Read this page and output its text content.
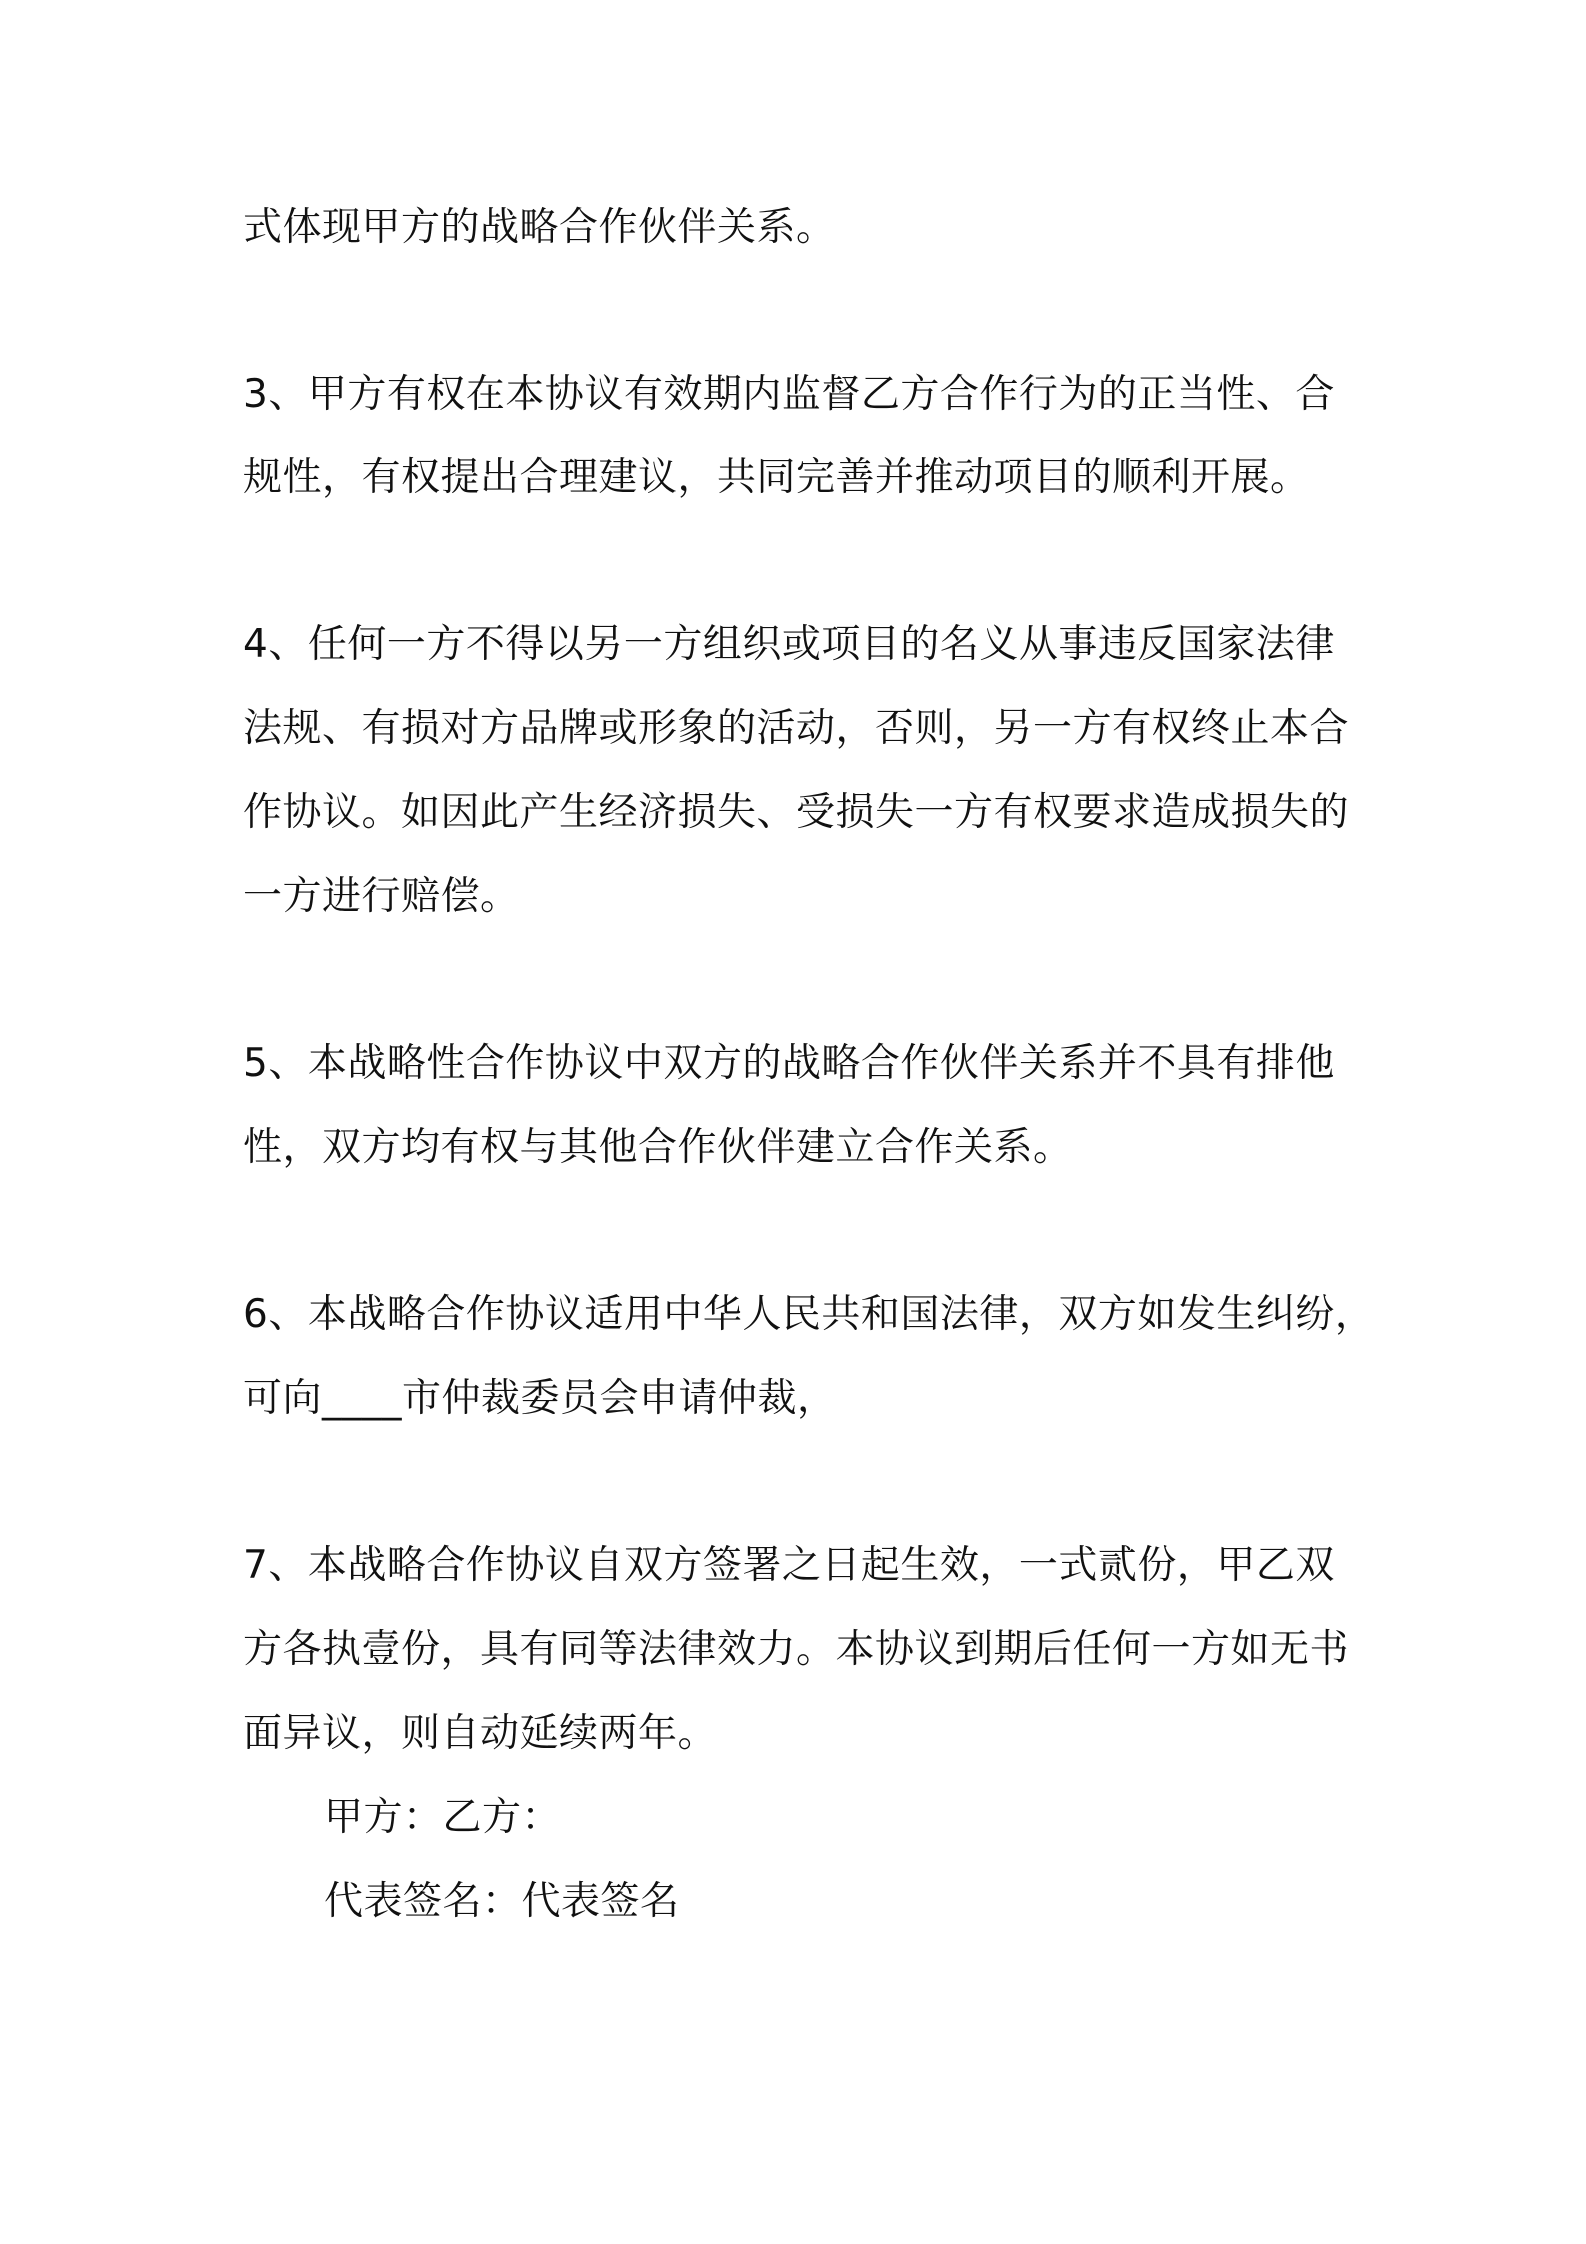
式体现甲方的战略合作伙伴关系。
3、甲方有权在本协议有效期内监督乙方合作行为的正当性、合
规性，有权提出合理建议，共同完善并推动项目的顺利开展。
4、任何一方不得以另一方组织或项目的名义从事违反国家法律
法规、有损对方品牌或形象的活动，否则，另一方有权终止本合
作协议。如因此产生经济损失、受损失一方有权要求造成损失的
一方进行赔偿。
5、本战略性合作协议中双方的战略合作伙伴关系并不具有排他
性，双方均有权与其他合作伙伴建立合作关系。
6、本战略合作协议适用中华人民共和国法律，双方如发生纠纷，
可向____市仲裁委员会申请仲裁，
7、本战略合作协议自双方签署之日起生效，一式贰份，甲乙双
方各执壹份，具有同等法律效力。本协议到期后任何一方如无书
面异议，则自动延续两年。
甲方：乙方：
代表签名：代表签名
